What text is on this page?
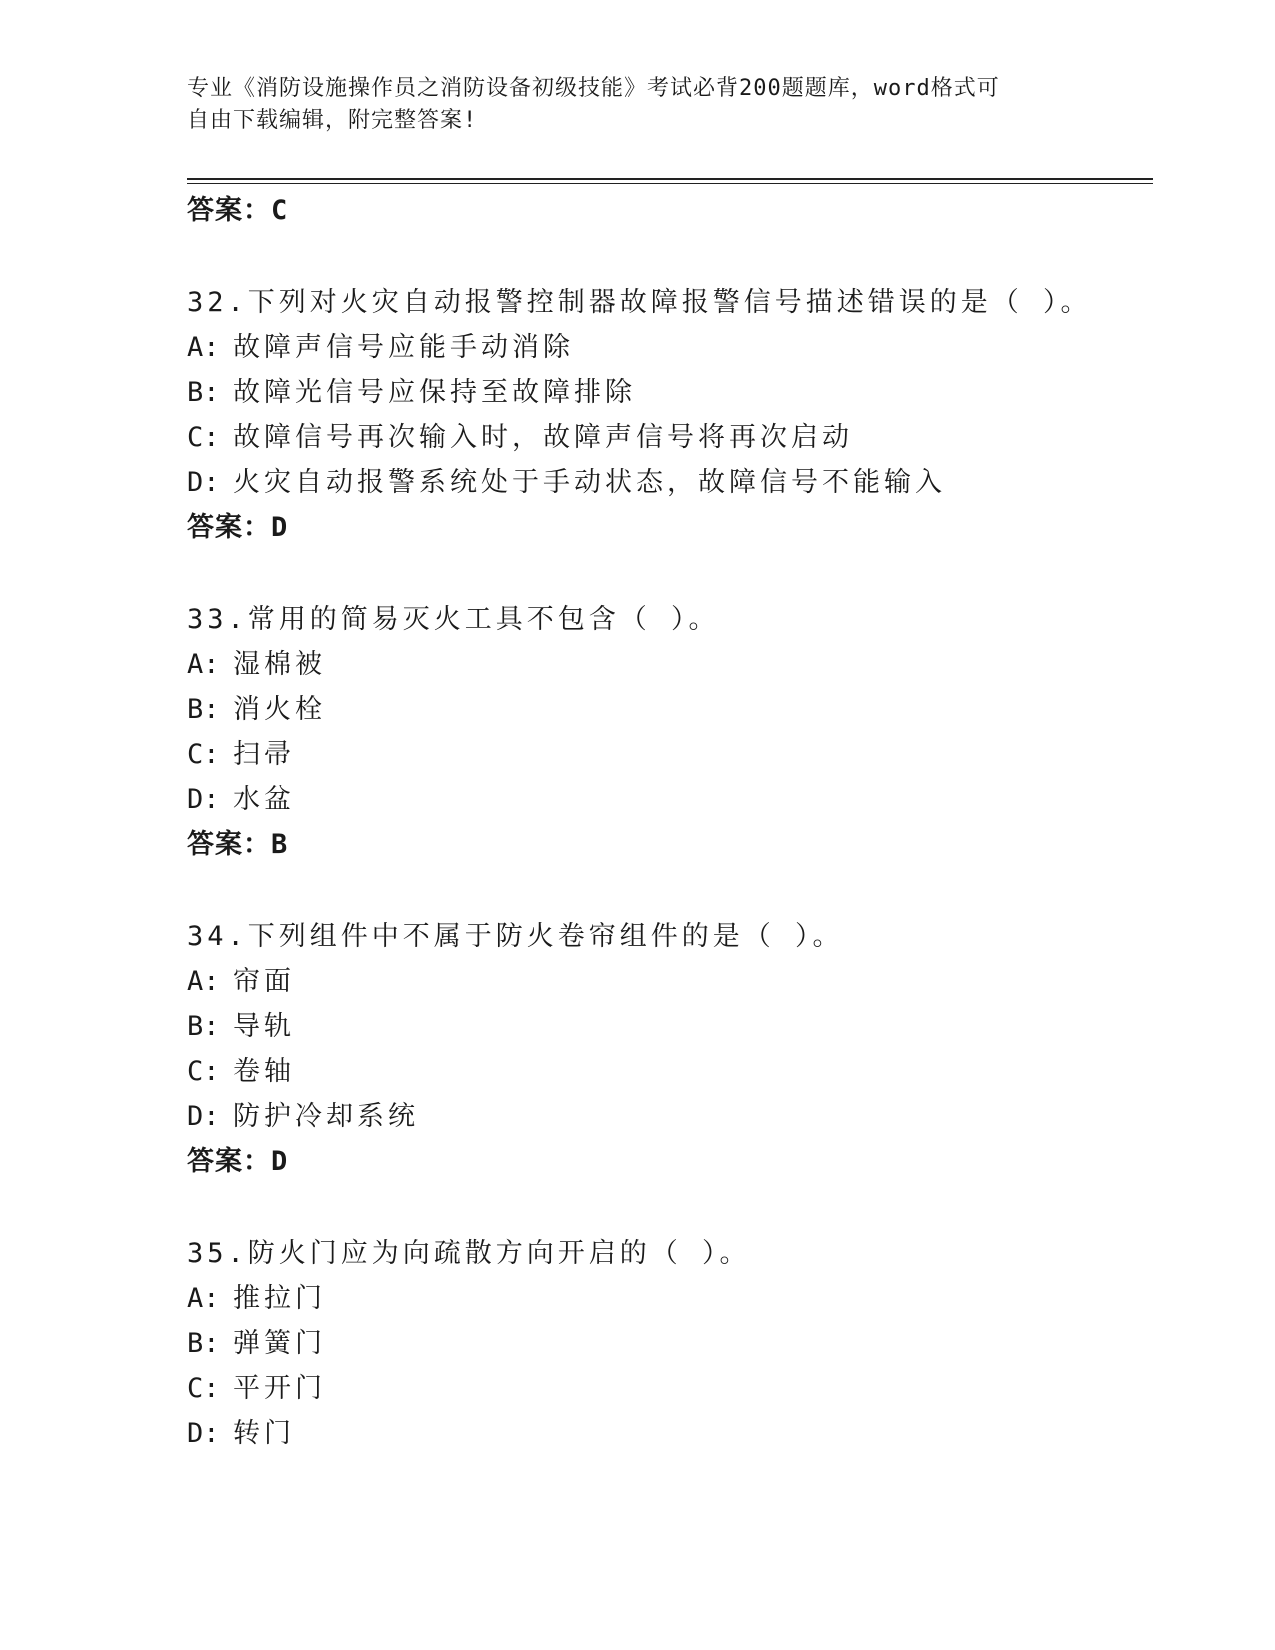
专业《消防设施操作员之消防设备初级技能》考试必背200题题库，word格式可
自由下载编辑，附完整答案!
答案：C
32.下列对火灾自动报警控制器故障报警信号描述错误的是（ ）。
A: 故障声信号应能手动消除
B: 故障光信号应保持至故障排除
C: 故障信号再次输入时，故障声信号将再次启动
D: 火灾自动报警系统处于手动状态，故障信号不能输入
答案：D
33.常用的简易灭火工具不包含（ ）。
A: 湿棉被
B: 消火栓
C: 扫帚
D: 水盆
答案：B
34.下列组件中不属于防火卷帘组件的是（ ）。
A: 帘面
B: 导轨
C: 卷轴
D: 防护冷却系统
答案：D
35.防火门应为向疏散方向开启的（ ）。
A: 推拉门
B: 弹簧门
C: 平开门
D: 转门
